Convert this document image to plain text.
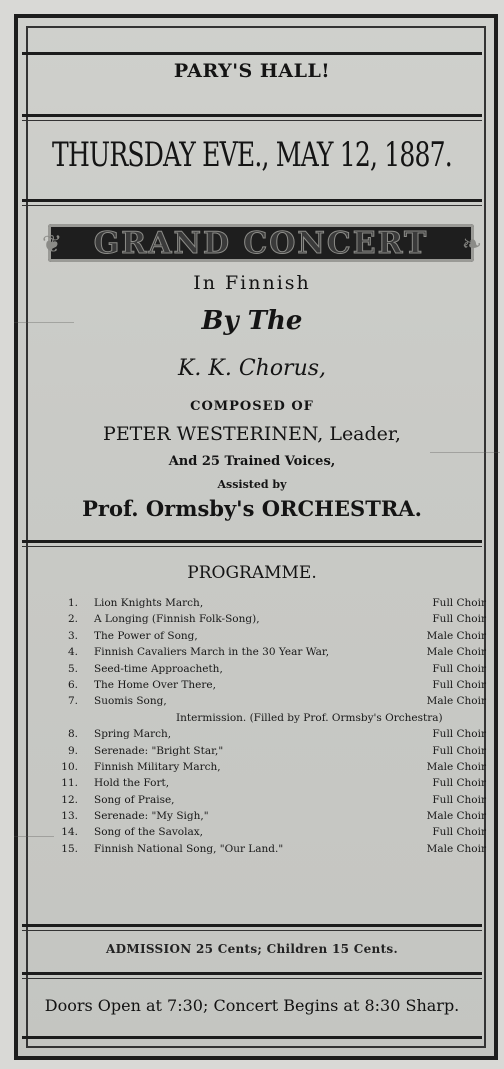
PARY'S HALL!
THURSDAY EVE., MAY 12, 1887.
❦	GRAND CONCERT	❧
In Finnish
By The
K. K. Chorus,
COMPOSED OF
PETER WESTERINEN, Leader,
And 25 Trained Voices,
Assisted by
Prof. Ormsby's ORCHESTRA.
PROGRAMME.
1. Lion Knights March,	Full Choir
2. A Longing (Finnish Folk-Song),	Full Choir
3. The Power of Song,	Male Choir
4. Finnish Cavaliers March in the 30 Year War,	Male Choir
5. Seed-time Approacheth,	Full Choir
6. The Home Over There,	Full Choir
7. Suomis Song,	Male Choir
Intermission. (Filled by Prof. Ormsby's Orchestra)
8. Spring March,	Full Choir
9. Serenade: "Bright Star,"	Full Choir
10. Finnish Military March,	Male Choir
11. Hold the Fort,	Full Choir
12. Song of Praise,	Full Choir
13. Serenade: "My Sigh,"	Male Choir
14. Song of the Savolax,	Full Choir
15. Finnish National Song, "Our Land."	Male Choir
ADMISSION 25 Cents; Children 15 Cents.
Doors Open at 7:30; Concert Begins at 8:30 Sharp.
